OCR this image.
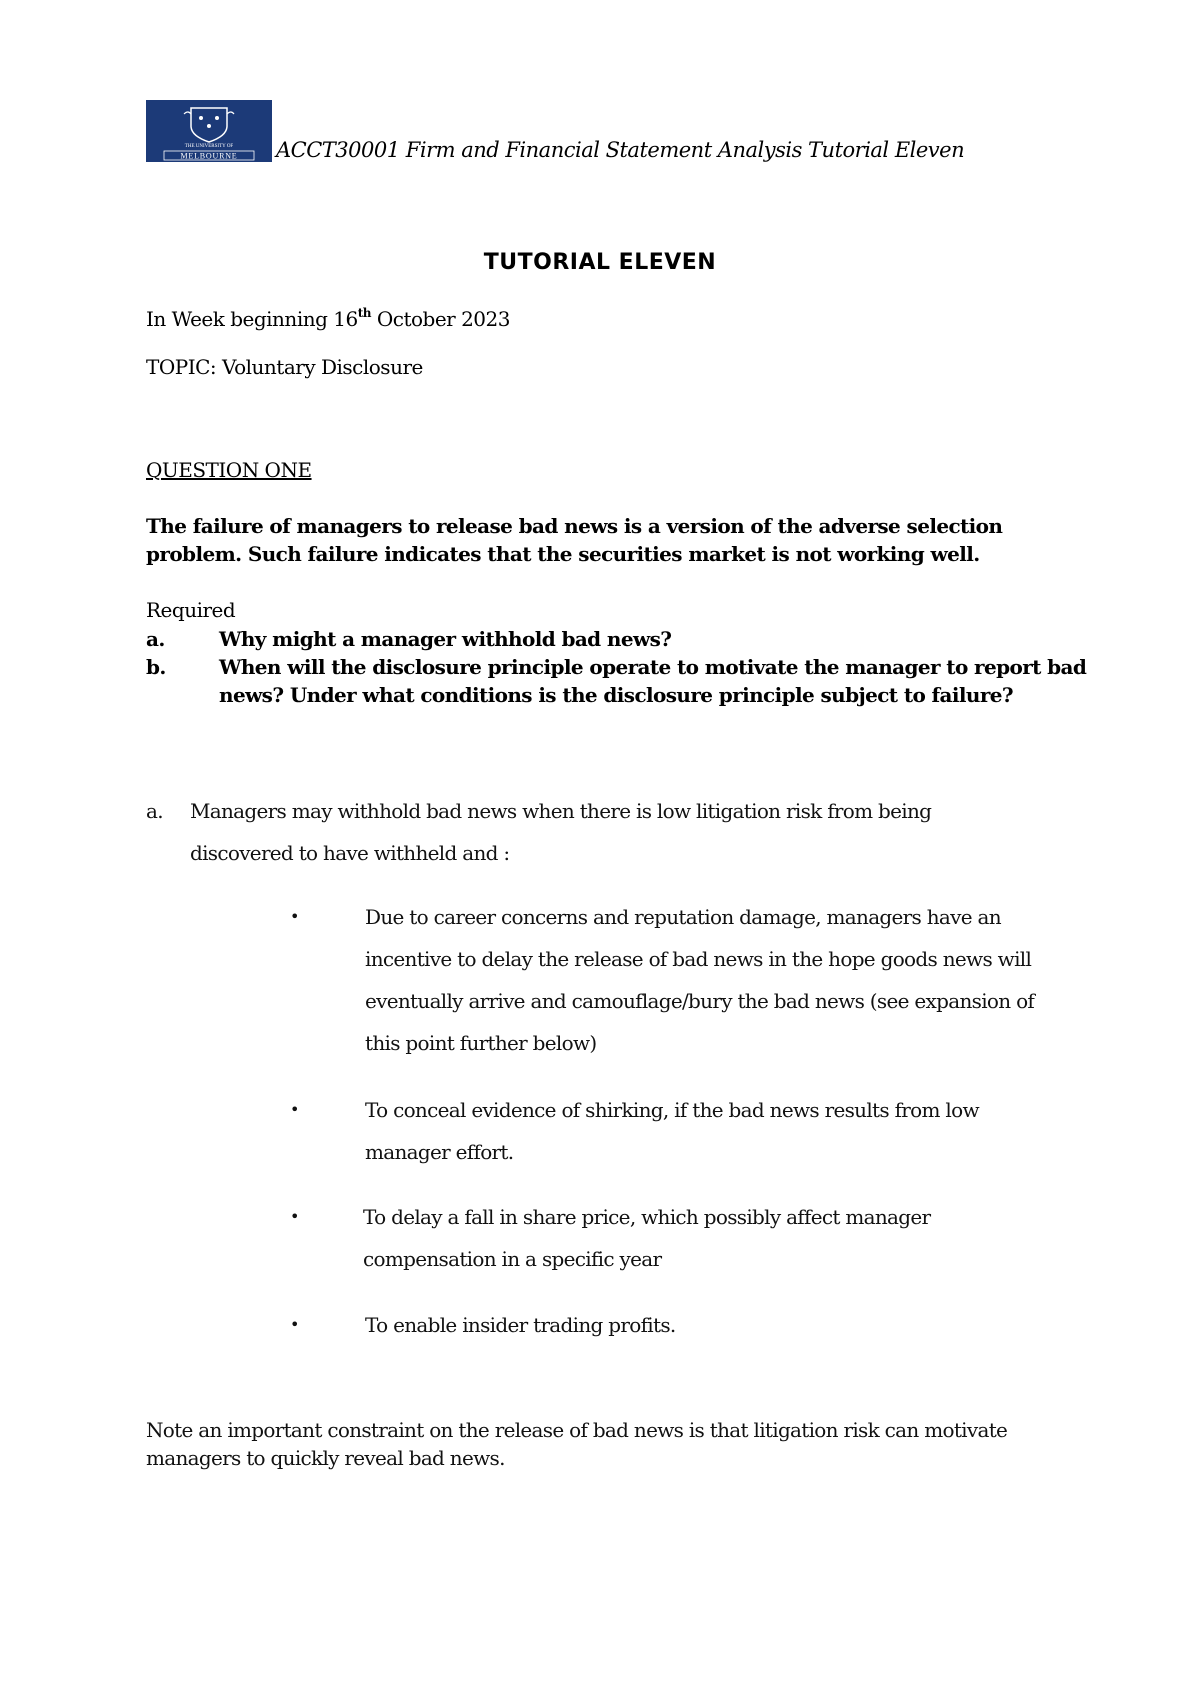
THE UNIVERSITY OF
MELBOURNE ACCT30001 Firm and Financial Statement Analysis Tutorial Eleven
TUTORIAL ELEVEN
In Week beginning 16th October 2023
TOPIC: Voluntary Disclosure
QUESTION ONE
The failure of managers to release bad news is a version of the adverse selection problem. Such failure indicates that the securities market is not working well.
Required
a.	Why might a manager withhold bad news?
b.	When will the disclosure principle operate to motivate the manager to report bad news? Under what conditions is the disclosure principle subject to failure?
a. Managers may withhold bad news when there is low litigation risk from being discovered to have withheld and :
•	Due to career concerns and reputation damage, managers have an incentive to delay the release of bad news in the hope goods news will eventually arrive and camouflage/bury the bad news (see expansion of this point further below)
•	To conceal evidence of shirking, if the bad news results from low manager effort.
•	To delay a fall in share price, which possibly affect manager compensation in a specific year
•	To enable insider trading profits.
Note an important constraint on the release of bad news is that litigation risk can motivate managers to quickly reveal bad news.
